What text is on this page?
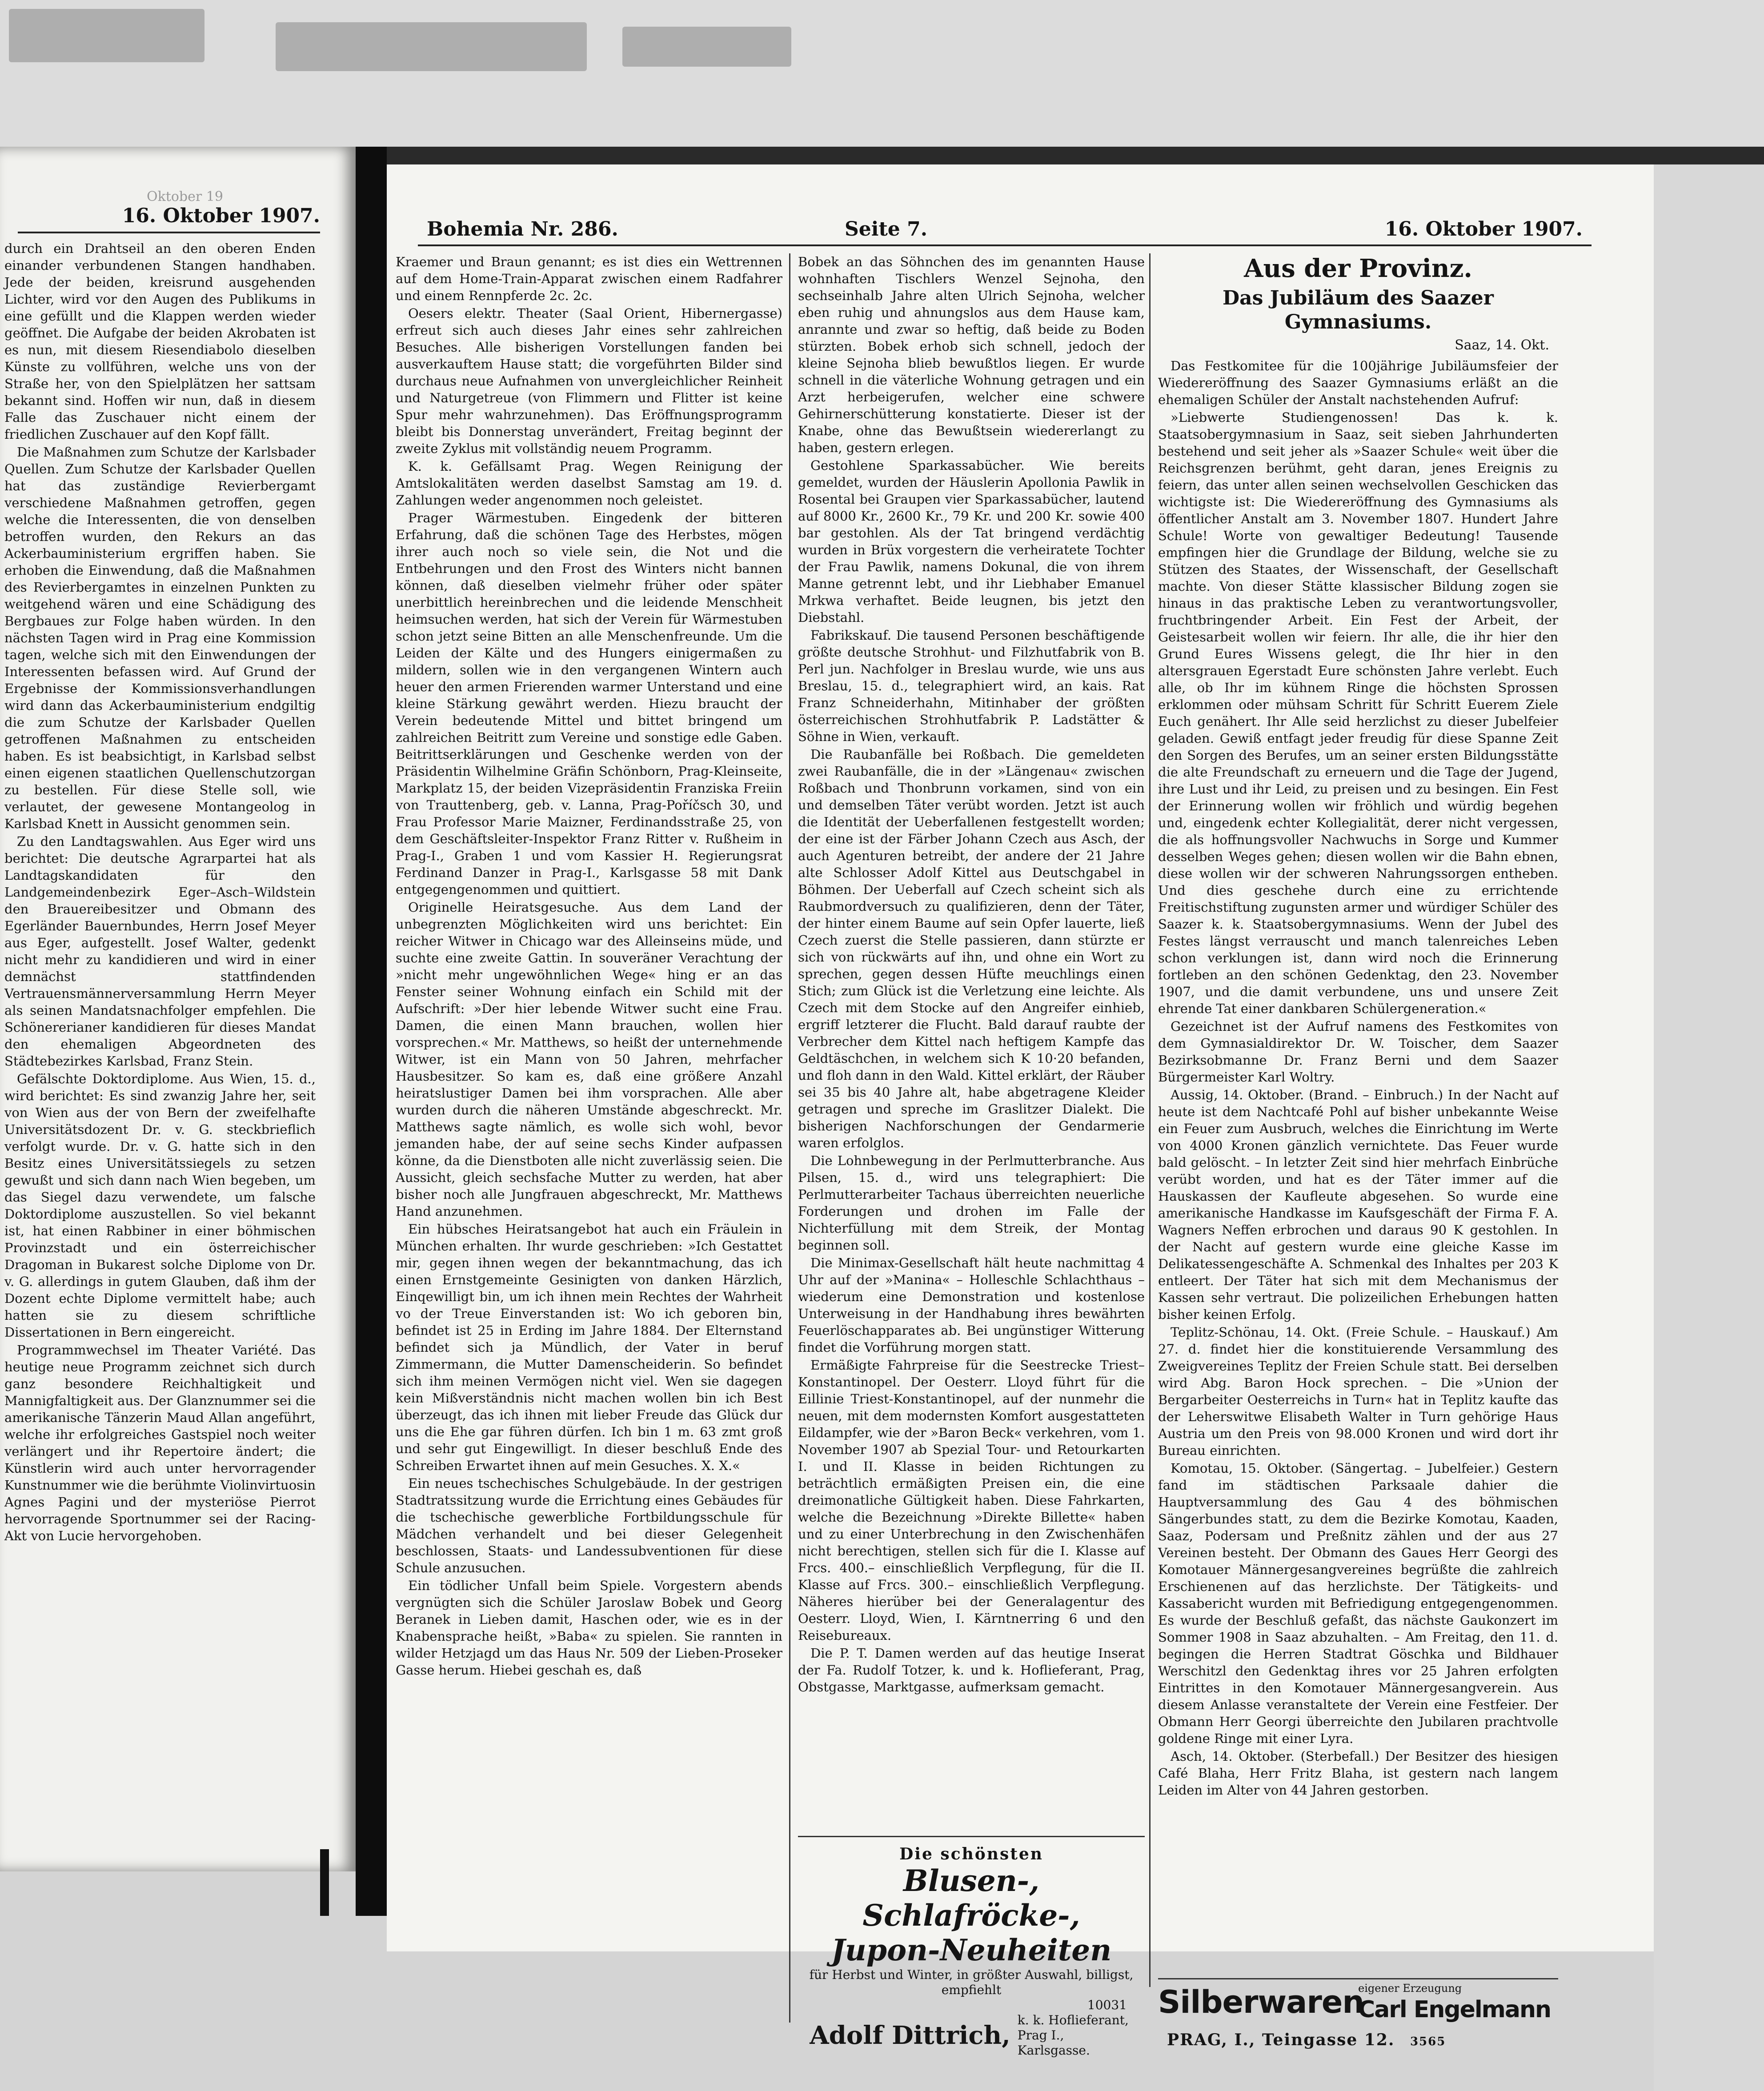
Oktober 19
16. Oktober 1907.

durch ein Drahtseil an den oberen Enden einander verbundenen Stangen handhaben. Jede der beiden, kreisrund ausgehenden Lichter, wird vor den Augen des Publikums in eine gefüllt und die Klappen werden wieder geöffnet. Die Aufgabe der beiden Akrobaten ist es nun, mit diesem Riesendiabolo dieselben Künste zu vollführen, welche uns von der Straße her, von den Spielplätzen her sattsam bekannt sind. Hoffen wir nun, daß in diesem Falle das Zuschauer nicht einem der friedlichen Zuschauer auf den Kopf fällt.

Die Maßnahmen zum Schutze der Karlsbader Quellen. Zum Schutze der Karlsbader Quellen hat das zuständige Revierbergamt verschiedene Maßnahmen getroffen, gegen welche die Interessenten, die von denselben betroffen wurden, den Rekurs an das Ackerbauministerium ergriffen haben. Sie erhoben die Einwendung, daß die Maßnahmen des Revierbergamtes in einzelnen Punkten zu weitgehend wären und eine Schädigung des Bergbaues zur Folge haben würden. In den nächsten Tagen wird in Prag eine Kommission tagen, welche sich mit den Einwendungen der Interessenten befassen wird. Auf Grund der Ergebnisse der Kommissionsverhandlungen wird dann das Ackerbauministerium endgiltig die zum Schutze der Karlsbader Quellen getroffenen Maßnahmen zu entscheiden haben. Es ist beabsichtigt, in Karlsbad selbst einen eigenen staatlichen Quellenschutzorgan zu bestellen. Für diese Stelle soll, wie verlautet, der gewesene Montangeolog in Karlsbad Knett in Aussicht genommen sein.

Zu den Landtagswahlen. Aus Eger wird uns berichtet: Die deutsche Agrarpartei hat als Landtagskandidaten für den Landgemeindenbezirk Eger–Asch–Wildstein den Brauereibesitzer und Obmann des Egerländer Bauernbundes, Herrn Josef Meyer aus Eger, aufgestellt. Josef Walter, gedenkt nicht mehr zu kandidieren und wird in einer demnächst stattfindenden Vertrauensmännerversammlung Herrn Meyer als seinen Mandatsnachfolger empfehlen. Die Schönererianer kandidieren für dieses Mandat den ehemaligen Abgeordneten des Städtebezirkes Karlsbad, Franz Stein.

Gefälschte Doktordiplome. Aus Wien, 15. d., wird berichtet: Es sind zwanzig Jahre her, seit von Wien aus der von Bern der zweifelhafte Universitätsdozent Dr. v. G. steckbrieflich verfolgt wurde. Dr. v. G. hatte sich in den Besitz eines Universitätssiegels zu setzen gewußt und sich dann nach Wien begeben, um das Siegel dazu verwendete, um falsche Doktordiplome auszustellen. So viel bekannt ist, hat einen Rabbiner in einer böhmischen Provinzstadt und ein österreichischer Dragoman in Bukarest solche Diplome von Dr. v. G. allerdings in gutem Glauben, daß ihm der Dozent echte Diplome vermittelt habe; auch hatten sie zu diesem schriftliche Dissertationen in Bern eingereicht.

Programmwechsel im Theater Variété. Das heutige neue Programm zeichnet sich durch ganz besondere Reichhaltigkeit und Mannigfaltigkeit aus. Der Glanznummer sei die amerikanische Tänzerin Maud Allan angeführt, welche ihr erfolgreiches Gastspiel noch weiter verlängert und ihr Repertoire ändert; die Künstlerin wird auch unter hervorragender Kunstnummer wie die berühmte Violinvirtuosin Agnes Pagini und der mysteriöse Pierrot hervorragende Sportnummer sei der Racing-Akt von Lucie hervorgehoben.

Bohemia Nr. 286.	Seite 7.	16. Oktober 1907.

Kraemer und Braun genannt; es ist dies ein Wettrennen auf dem Home-Train-Apparat zwischen einem Radfahrer und einem Rennpferde 2c. 2c.

Oesers elektr. Theater (Saal Orient, Hibernergasse) erfreut sich auch dieses Jahr eines sehr zahlreichen Besuches. Alle bisherigen Vorstellungen fanden bei ausverkauftem Hause statt; die vorgeführten Bilder sind durchaus neue Aufnahmen von unvergleichlicher Reinheit und Naturgetreue (von Flimmern und Flitter ist keine Spur mehr wahrzunehmen). Das Eröffnungsprogramm bleibt bis Donnerstag unverändert, Freitag beginnt der zweite Zyklus mit vollständig neuem Programm.

K. k. Gefällsamt Prag. Wegen Reinigung der Amtslokalitäten werden daselbst Samstag am 19. d. Zahlungen weder angenommen noch geleistet.

Prager Wärmestuben. Eingedenk der bitteren Erfahrung, daß die schönen Tage des Herbstes, mögen ihrer auch noch so viele sein, die Not und die Entbehrungen und den Frost des Winters nicht bannen können, daß dieselben vielmehr früher oder später unerbittlich hereinbrechen und die leidende Menschheit heimsuchen werden, hat sich der Verein für Wärmestuben schon jetzt seine Bitten an alle Menschenfreunde. Um die Leiden der Kälte und des Hungers einigermaßen zu mildern, sollen wie in den vergangenen Wintern auch heuer den armen Frierenden warmer Unterstand und eine kleine Stärkung gewährt werden. Hiezu braucht der Verein bedeutende Mittel und bittet bringend um zahlreichen Beitritt zum Vereine und sonstige edle Gaben. Beitrittserklärungen und Geschenke werden von der Präsidentin Wilhelmine Gräfin Schönborn, Prag-Kleinseite, Markplatz 15, der beiden Vizepräsidentin Franziska Freiin von Trauttenberg, geb. v. Lanna, Prag-Poříčsch 30, und Frau Professor Marie Maizner, Ferdinandsstraße 25, von dem Geschäftsleiter-Inspektor Franz Ritter v. Rußheim in Prag-I., Graben 1 und vom Kassier H. Regierungsrat Ferdinand Danzer in Prag-I., Karlsgasse 58 mit Dank entgegengenommen und quittiert.

Originelle Heiratsgesuche. Aus dem Land der unbegrenzten Möglichkeiten wird uns berichtet: Ein reicher Witwer in Chicago war des Alleinseins müde, und suchte eine zweite Gattin. In souveräner Verachtung der »nicht mehr ungewöhnlichen Wege« hing er an das Fenster seiner Wohnung einfach ein Schild mit der Aufschrift: »Der hier lebende Witwer sucht eine Frau. Damen, die einen Mann brauchen, wollen hier vorsprechen.« Mr. Matthews, so heißt der unternehmende Witwer, ist ein Mann von 50 Jahren, mehrfacher Hausbesitzer. So kam es, daß eine größere Anzahl heiratslustiger Damen bei ihm vorsprachen. Alle aber wurden durch die näheren Umstände abgeschreckt. Mr. Matthews sagte nämlich, es wolle sich wohl, bevor jemanden habe, der auf seine sechs Kinder aufpassen könne, da die Dienstboten alle nicht zuverlässig seien. Die Aussicht, gleich sechsfache Mutter zu werden, hat aber bisher noch alle Jungfrauen abgeschreckt, Mr. Matthews Hand anzunehmen.

Ein hübsches Heiratsangebot hat auch ein Fräulein in München erhalten. Ihr wurde geschrieben: »Ich Gestattet mir, gegen ihnen wegen der bekanntmachung, das ich einen Ernstgemeinte Gesinigten von danken Härzlich, Einqewilligt bin, um ich ihnen mein Rechtes der Wahrheit vo der Treue Einverstanden ist: Wo ich geboren bin, befindet ist 25 in Erding im Jahre 1884. Der Elternstand befindet sich ja Mündlich, der Vater in beruf Zimmermann, die Mutter Damenscheiderin. So befindet sich ihm meinen Vermögen nicht viel. Wen sie dagegen kein Mißverständnis nicht machen wollen bin ich Best überzeugt, das ich ihnen mit lieber Freude das Glück dur uns die Ehe gar führen dürfen. Ich bin 1 m. 63 zmt groß und sehr gut Eingewilligt. In dieser beschluß Ende des Schreiben Erwartet ihnen auf mein Gesuches. X. X.«

Ein neues tschechisches Schulgebäude. In der gestrigen Stadtratssitzung wurde die Errichtung eines Gebäudes für die tschechische gewerbliche Fortbildungsschule für Mädchen verhandelt und bei dieser Gelegenheit beschlossen, Staats- und Landessubventionen für diese Schule anzusuchen.

Ein tödlicher Unfall beim Spiele. Vorgestern abends vergnügten sich die Schüler Jaroslaw Bobek und Georg Beranek in Lieben damit, Haschen oder, wie es in der Knabensprache heißt, »Baba« zu spielen. Sie rannten in wilder Hetzjagd um das Haus Nr. 509 der Lieben-Proseker Gasse herum. Hiebei geschah es, daß

Bobek an das Söhnchen des im genannten Hause wohnhaften Tischlers Wenzel Sejnoha, den sechseinhalb Jahre alten Ulrich Sejnoha, welcher eben ruhig und ahnungslos aus dem Hause kam, anrannte und zwar so heftig, daß beide zu Boden stürzten. Bobek erhob sich schnell, jedoch der kleine Sejnoha blieb bewußtlos liegen. Er wurde schnell in die väterliche Wohnung getragen und ein Arzt herbeigerufen, welcher eine schwere Gehirnerschütterung konstatierte. Dieser ist der Knabe, ohne das Bewußtsein wiedererlangt zu haben, gestern erlegen.

Gestohlene Sparkassabücher. Wie bereits gemeldet, wurden der Häuslerin Apollonia Pawlik in Rosental bei Graupen vier Sparkassabücher, lautend auf 8000 Kr., 2600 Kr., 79 Kr. und 200 Kr. sowie 400 bar gestohlen. Als der Tat bringend verdächtig wurden in Brüx vorgestern die verheiratete Tochter der Frau Pawlik, namens Dokunal, die von ihrem Manne getrennt lebt, und ihr Liebhaber Emanuel Mrkwa verhaftet. Beide leugnen, bis jetzt den Diebstahl.

Fabrikskauf. Die tausend Personen beschäftigende größte deutsche Strohhut- und Filzhutfabrik von B. Perl jun. Nachfolger in Breslau wurde, wie uns aus Breslau, 15. d., telegraphiert wird, an kais. Rat Franz Schneiderhahn, Mitinhaber der größten österreichischen Strohhutfabrik P. Ladstätter & Söhne in Wien, verkauft.

Die Raubanfälle bei Roßbach. Die gemeldeten zwei Raubanfälle, die in der »Längenau« zwischen Roßbach und Thonbrunn vorkamen, sind von ein und demselben Täter verübt worden. Jetzt ist auch die Identität der Ueberfallenen festgestellt worden; der eine ist der Färber Johann Czech aus Asch, der auch Agenturen betreibt, der andere der 21 Jahre alte Schlosser Adolf Kittel aus Deutschgabel in Böhmen. Der Ueberfall auf Czech scheint sich als Raubmordversuch zu qualifizieren, denn der Täter, der hinter einem Baume auf sein Opfer lauerte, ließ Czech zuerst die Stelle passieren, dann stürzte er sich von rückwärts auf ihn, und ohne ein Wort zu sprechen, gegen dessen Hüfte meuchlings einen Stich; zum Glück ist die Verletzung eine leichte. Als Czech mit dem Stocke auf den Angreifer einhieb, ergriff letzterer die Flucht. Bald darauf raubte der Verbrecher dem Kittel nach heftigem Kampfe das Geldtäschchen, in welchem sich K 10·20 befanden, und floh dann in den Wald. Kittel erklärt, der Räuber sei 35 bis 40 Jahre alt, habe abgetragene Kleider getragen und spreche im Graslitzer Dialekt. Die bisherigen Nachforschungen der Gendarmerie waren erfolglos.

Die Lohnbewegung in der Perlmutterbranche. Aus Pilsen, 15. d., wird uns telegraphiert: Die Perlmutterarbeiter Tachaus überreichten neuerliche Forderungen und drohen im Falle der Nichterfüllung mit dem Streik, der Montag beginnen soll.

Die Minimax-Gesellschaft hält heute nachmittag 4 Uhr auf der »Manina« – Holleschle Schlachthaus – wiederum eine Demonstration und kostenlose Unterweisung in der Handhabung ihres bewährten Feuerlöschapparates ab. Bei ungünstiger Witterung findet die Vorführung morgen statt.

Ermäßigte Fahrpreise für die Seestrecke Triest–Konstantinopel. Der Oesterr. Lloyd führt für die Eillinie Triest-Konstantinopel, auf der nunmehr die neuen, mit dem modernsten Komfort ausgestatteten Eildampfer, wie der »Baron Beck« verkehren, vom 1. November 1907 ab Spezial Tour- und Retourkarten I. und II. Klasse in beiden Richtungen zu beträchtlich ermäßigten Preisen ein, die eine dreimonatliche Gültigkeit haben. Diese Fahrkarten, welche die Bezeichnung »Direkte Billette« haben und zu einer Unterbrechung in den Zwischenhäfen nicht berechtigen, stellen sich für die I. Klasse auf Frcs. 400.– einschließlich Verpflegung, für die II. Klasse auf Frcs. 300.– einschließlich Verpflegung. Näheres hierüber bei der Generalagentur des Oesterr. Lloyd, Wien, I. Kärntnerring 6 und den Reisebureaux.

Die P. T. Damen werden auf das heutige Inserat der Fa. Rudolf Totzer, k. und k. Hoflieferant, Prag, Obstgasse, Marktgasse, aufmerksam gemacht.

Die schönsten
Blusen-, Schlafröcke-,
Jupon-Neuheiten
für Herbst und Winter, in größter Auswahl, billigst, empfiehlt
10031
Adolf Dittrich,
k. k. Hoflieferant, Prag I., Karlsgasse.
Aus der Provinz.
Das Jubiläum des Saazer
Gymnasiums.
Saaz, 14. Okt.

Das Festkomitee für die 100jährige Jubiläumsfeier der Wiedereröffnung des Saazer Gymnasiums erläßt an die ehemaligen Schüler der Anstalt nachstehenden Aufruf:

»Liebwerte Studiengenossen! Das k. k. Staatsobergymnasium in Saaz, seit sieben Jahrhunderten bestehend und seit jeher als »Saazer Schule« weit über die Reichsgrenzen berühmt, geht daran, jenes Ereignis zu feiern, das unter allen seinen wechselvollen Geschicken das wichtigste ist: Die Wiedereröffnung des Gymnasiums als öffentlicher Anstalt am 3. November 1807. Hundert Jahre Schule! Worte von gewaltiger Bedeutung! Tausende empfingen hier die Grundlage der Bildung, welche sie zu Stützen des Staates, der Wissenschaft, der Gesellschaft machte. Von dieser Stätte klassischer Bildung zogen sie hinaus in das praktische Leben zu verantwortungsvoller, fruchtbringender Arbeit. Ein Fest der Arbeit, der Geistesarbeit wollen wir feiern. Ihr alle, die ihr hier den Grund Eures Wissens gelegt, die Ihr hier in den altersgrauen Egerstadt Eure schönsten Jahre verlebt. Euch alle, ob Ihr im kühnem Ringe die höchsten Sprossen erklommen oder mühsam Schritt für Schritt Euerem Ziele Euch genähert. Ihr Alle seid herzlichst zu dieser Jubelfeier geladen. Gewiß entfagt jeder freudig für diese Spanne Zeit den Sorgen des Berufes, um an seiner ersten Bildungsstätte die alte Freundschaft zu erneuern und die Tage der Jugend, ihre Lust und ihr Leid, zu preisen und zu besingen. Ein Fest der Erinnerung wollen wir fröhlich und würdig begehen und, eingedenk echter Kollegialität, derer nicht vergessen, die als hoffnungsvoller Nachwuchs in Sorge und Kummer desselben Weges gehen; diesen wollen wir die Bahn ebnen, diese wollen wir der schweren Nahrungssorgen entheben. Und dies geschehe durch eine zu errichtende Freitischstiftung zugunsten armer und würdiger Schüler des Saazer k. k. Staatsobergymnasiums. Wenn der Jubel des Festes längst verrauscht und manch talenreiches Leben schon verklungen ist, dann wird noch die Erinnerung fortleben an den schönen Gedenktag, den 23. November 1907, und die damit verbundene, uns und unsere Zeit ehrende Tat einer dankbaren Schülergeneration.«

Gezeichnet ist der Aufruf namens des Festkomites von dem Gymnasialdirektor Dr. W. Toischer, dem Saazer Bezirksobmanne Dr. Franz Berni und dem Saazer Bürgermeister Karl Woltry.

Aussig, 14. Oktober. (Brand. – Einbruch.) In der Nacht auf heute ist dem Nachtcafé Pohl auf bisher unbekannte Weise ein Feuer zum Ausbruch, welches die Einrichtung im Werte von 4000 Kronen gänzlich vernichtete. Das Feuer wurde bald gelöscht. – In letzter Zeit sind hier mehrfach Einbrüche verübt worden, und hat es der Täter immer auf die Hauskassen der Kaufleute abgesehen. So wurde eine amerikanische Handkasse im Kaufsgeschäft der Firma F. A. Wagners Neffen erbrochen und daraus 90 K gestohlen. In der Nacht auf gestern wurde eine gleiche Kasse im Delikatessengeschäfte A. Schmenkal des Inhaltes per 203 K entleert. Der Täter hat sich mit dem Mechanismus der Kassen sehr vertraut. Die polizeilichen Erhebungen hatten bisher keinen Erfolg.

Teplitz-Schönau, 14. Okt. (Freie Schule. – Hauskauf.) Am 27. d. findet hier die konstituierende Versammlung des Zweigvereines Teplitz der Freien Schule statt. Bei derselben wird Abg. Baron Hock sprechen. – Die »Union der Bergarbeiter Oesterreichs in Turn« hat in Teplitz kaufte das der Leherswitwe Elisabeth Walter in Turn gehörige Haus Austria um den Preis von 98.000 Kronen und wird dort ihr Bureau einrichten.

Komotau, 15. Oktober. (Sängertag. – Jubelfeier.) Gestern fand im städtischen Parksaale dahier die Hauptversammlung des Gau 4 des böhmischen Sängerbundes statt, zu dem die Bezirke Komotau, Kaaden, Saaz, Podersam und Preßnitz zählen und der aus 27 Vereinen besteht. Der Obmann des Gaues Herr Georgi des Komotauer Männergesangvereines begrüßte die zahlreich Erschienenen auf das herzlichste. Der Tätigkeits- und Kassabericht wurden mit Befriedigung entgegengenommen. Es wurde der Beschluß gefaßt, das nächste Gaukonzert im Sommer 1908 in Saaz abzuhalten. – Am Freitag, den 11. d. begingen die Herren Stadtrat Göschka und Bildhauer Werschitzl den Gedenktag ihres vor 25 Jahren erfolgten Eintrittes in den Komotauer Männergesangverein. Aus diesem Anlasse veranstaltete der Verein eine Festfeier. Der Obmann Herr Georgi überreichte den Jubilaren prachtvolle goldene Ringe mit einer Lyra.

Asch, 14. Oktober. (Sterbefall.) Der Besitzer des hiesigen Café Blaha, Herr Fritz Blaha, ist gestern nach langem Leiden im Alter von 44 Jahren gestorben.

Silberwaren
eigener Erzeugung
Carl Engelmann
PRAG, I., Teingasse 12. 3565
